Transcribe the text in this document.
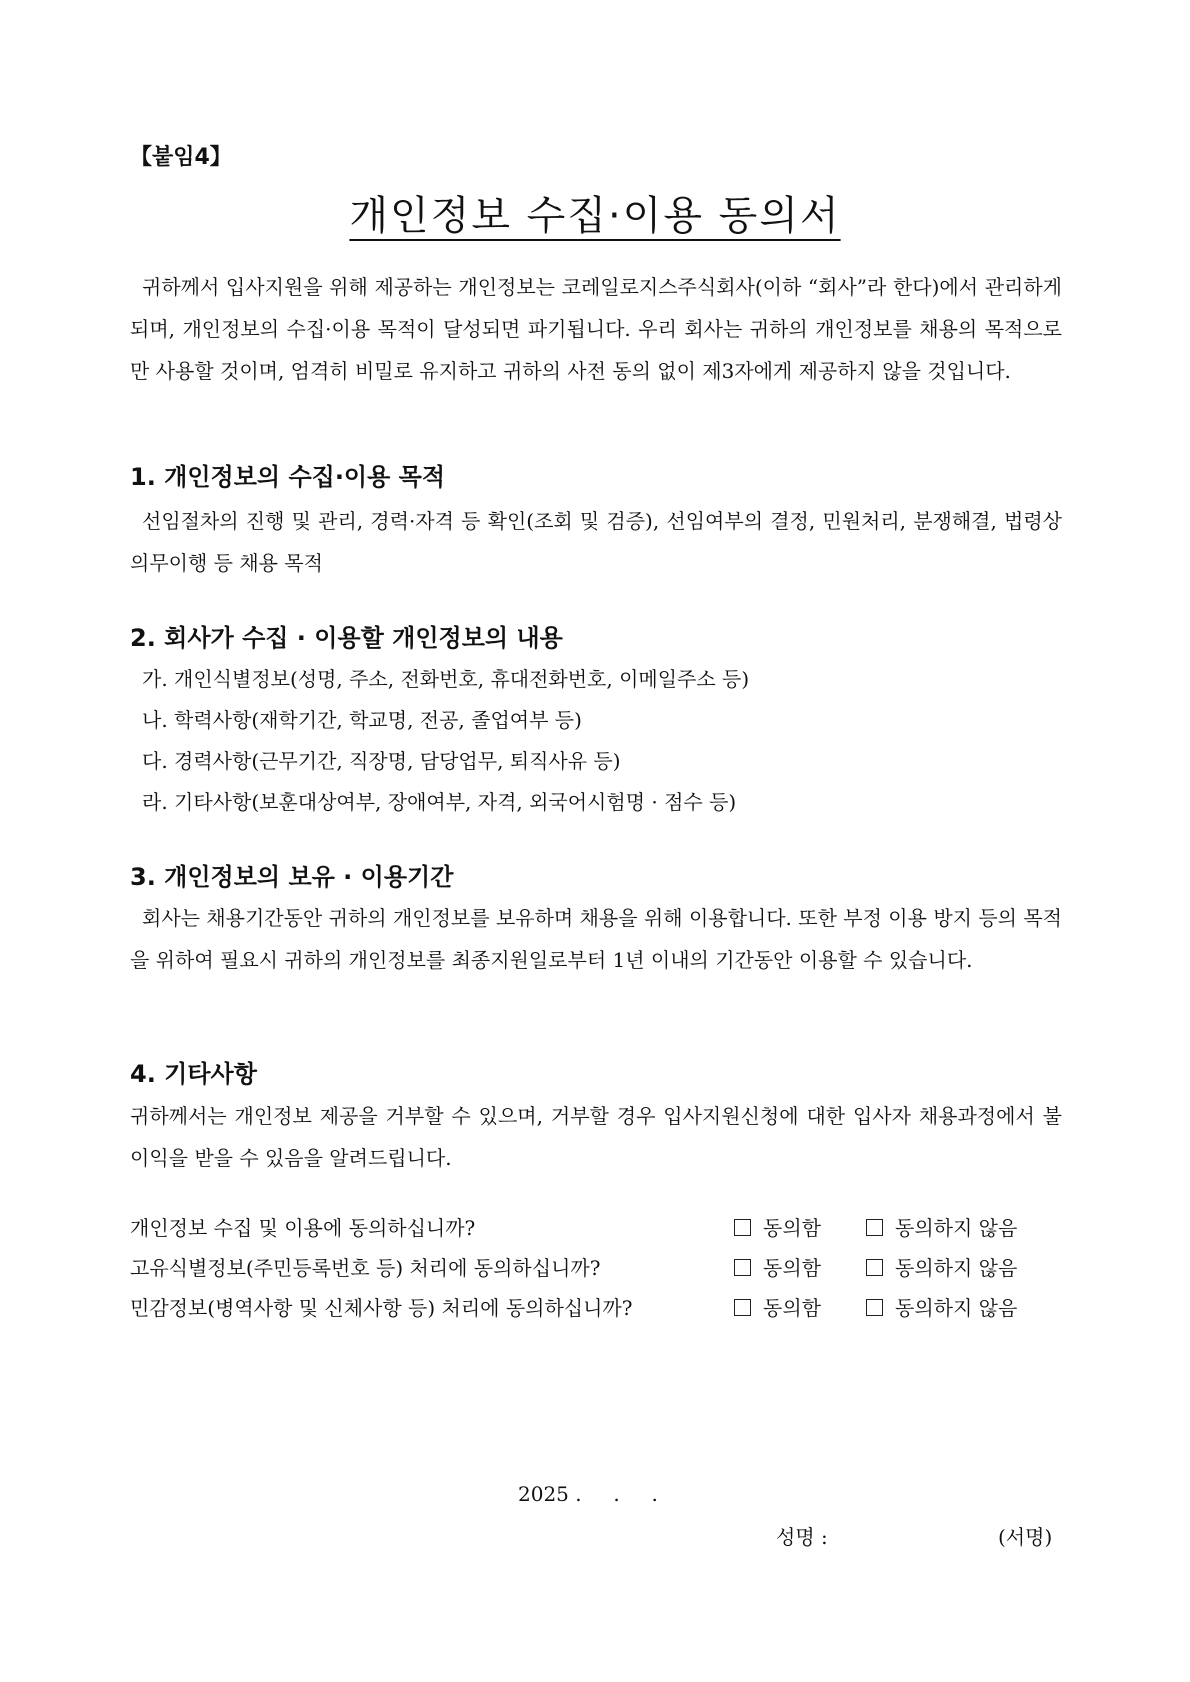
【붙임4】
개인정보 수집·이용 동의서
귀하께서 입사지원을 위해 제공하는 개인정보는 코레일로지스주식회사(이하 “회사”라 한다)에서 관리하게 되며, 개인정보의 수집·이용 목적이 달성되면 파기됩니다. 우리 회사는 귀하의 개인정보를 채용의 목적으로만 사용할 것이며, 엄격히 비밀로 유지하고 귀하의 사전 동의 없이 제3자에게 제공하지 않을 것입니다.
1. 개인정보의 수집·이용 목적
선임절차의 진행 및 관리, 경력·자격 등 확인(조회 및 검증), 선임여부의 결정, 민원처리, 분쟁해결, 법령상 의무이행 등 채용 목적
2. 회사가 수집 · 이용할 개인정보의 내용
가. 개인식별정보(성명, 주소, 전화번호, 휴대전화번호, 이메일주소 등)
나. 학력사항(재학기간, 학교명, 전공, 졸업여부 등)
다. 경력사항(근무기간, 직장명, 담당업무, 퇴직사유 등)
라. 기타사항(보훈대상여부, 장애여부, 자격, 외국어시험명 · 점수 등)
3. 개인정보의 보유 · 이용기간
회사는 채용기간동안 귀하의 개인정보를 보유하며 채용을 위해 이용합니다. 또한 부정 이용 방지 등의 목적을 위하여 필요시 귀하의 개인정보를 최종지원일로부터 1년 이내의 기간동안 이용할 수 있습니다.
4. 기타사항
귀하께서는 개인정보 제공을 거부할 수 있으며, 거부할 경우 입사지원신청에 대한 입사자 채용과정에서 불이익을 받을 수 있음을 알려드립니다.
개인정보 수집 및 이용에 동의하십니까?	동의함	동의하지 않음
고유식별정보(주민등록번호 등) 처리에 동의하십니까?	동의함	동의하지 않음
민감정보(병역사항 및 신체사항 등) 처리에 동의하십니까?	동의함	동의하지 않음
2025 .     .     .
성명 :	(서명)
